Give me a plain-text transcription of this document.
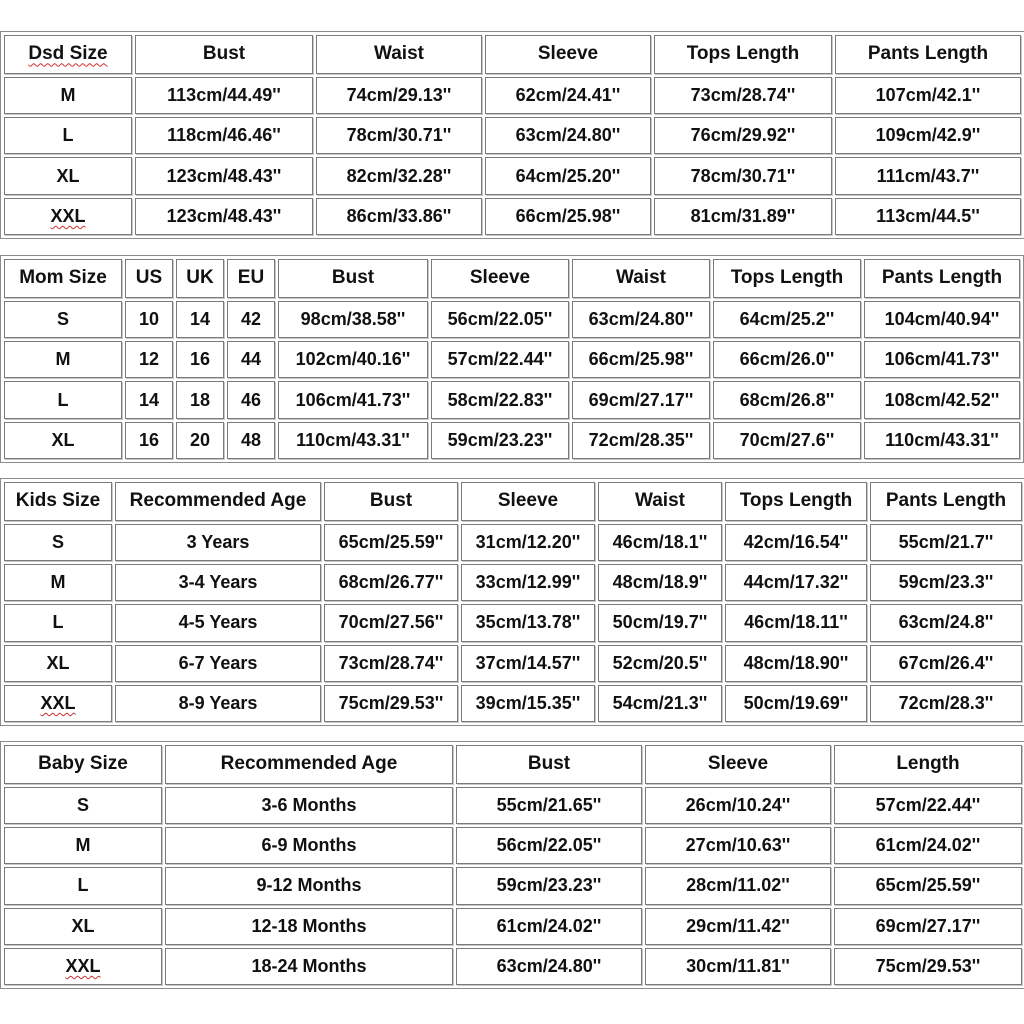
Dsd Size	Bust	Waist	Sleeve	Tops Length	Pants Length
M	113cm/44.49''	74cm/29.13''	62cm/24.41''	73cm/28.74''	107cm/42.1''
L	118cm/46.46''	78cm/30.71''	63cm/24.80''	76cm/29.92''	109cm/42.9''
XL	123cm/48.43''	82cm/32.28''	64cm/25.20''	78cm/30.71''	111cm/43.7''
XXL	123cm/48.43''	86cm/33.86''	66cm/25.98''	81cm/31.89''	113cm/44.5''
Mom Size	US	UK	EU	Bust	Sleeve	Waist	Tops Length	Pants Length
S	10	14	42	98cm/38.58''	56cm/22.05''	63cm/24.80''	64cm/25.2''	104cm/40.94''
M	12	16	44	102cm/40.16''	57cm/22.44''	66cm/25.98''	66cm/26.0''	106cm/41.73''
L	14	18	46	106cm/41.73''	58cm/22.83''	69cm/27.17''	68cm/26.8''	108cm/42.52''
XL	16	20	48	110cm/43.31''	59cm/23.23''	72cm/28.35''	70cm/27.6''	110cm/43.31''
Kids Size	Recommended Age	Bust	Sleeve	Waist	Tops Length	Pants Length
S	3 Years	65cm/25.59''	31cm/12.20''	46cm/18.1''	42cm/16.54''	55cm/21.7''
M	3-4 Years	68cm/26.77''	33cm/12.99''	48cm/18.9''	44cm/17.32''	59cm/23.3''
L	4-5 Years	70cm/27.56''	35cm/13.78''	50cm/19.7''	46cm/18.11''	63cm/24.8''
XL	6-7 Years	73cm/28.74''	37cm/14.57''	52cm/20.5''	48cm/18.90''	67cm/26.4''
XXL	8-9 Years	75cm/29.53''	39cm/15.35''	54cm/21.3''	50cm/19.69''	72cm/28.3''
Baby Size	Recommended Age	Bust	Sleeve	Length
S	3-6 Months	55cm/21.65''	26cm/10.24''	57cm/22.44''
M	6-9 Months	56cm/22.05''	27cm/10.63''	61cm/24.02''
L	9-12 Months	59cm/23.23''	28cm/11.02''	65cm/25.59''
XL	12-18 Months	61cm/24.02''	29cm/11.42''	69cm/27.17''
XXL	18-24 Months	63cm/24.80''	30cm/11.81''	75cm/29.53''
